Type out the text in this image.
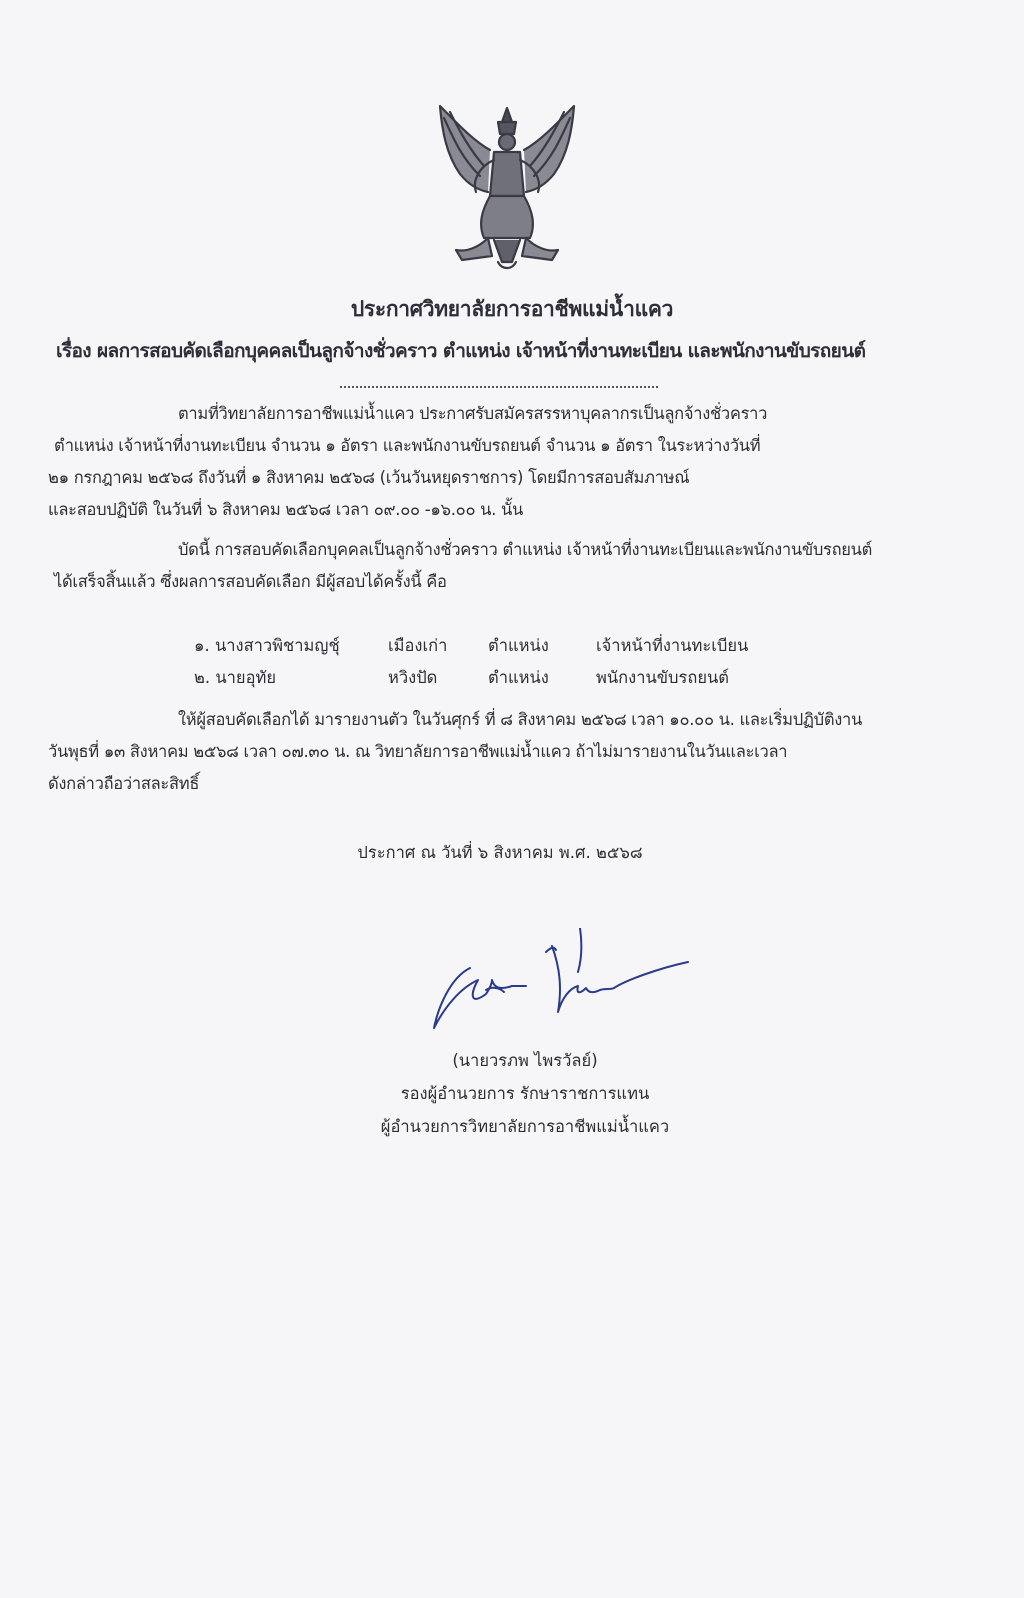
ประกาศวิทยาลัยการอาชีพแม่น้ำแคว
เรื่อง ผลการสอบคัดเลือกบุคคลเป็นลูกจ้างชั่วคราว ตำแหน่ง เจ้าหน้าที่งานทะเบียน และพนักงานขับรถยนต์
ตามที่วิทยาลัยการอาชีพแม่น้ำแคว ประกาศรับสมัครสรรหาบุคลากรเป็นลูกจ้างชั่วคราว
ตำแหน่ง เจ้าหน้าที่งานทะเบียน จำนวน ๑ อัตรา และพนักงานขับรถยนต์ จำนวน ๑ อัตรา ในระหว่างวันที่
๒๑ กรกฎาคม ๒๕๖๘ ถึงวันที่ ๑ สิงหาคม ๒๕๖๘ (เว้นวันหยุดราชการ) โดยมีการสอบสัมภาษณ์
และสอบปฏิบัติ ในวันที่ ๖ สิงหาคม ๒๕๖๘ เวลา ๐๙.๐๐ -๑๖.๐๐ น. นั้น
บัดนี้ การสอบคัดเลือกบุคคลเป็นลูกจ้างชั่วคราว ตำแหน่ง เจ้าหน้าที่งานทะเบียนและพนักงานขับรถยนต์
ได้เสร็จสิ้นแล้ว ซึ่งผลการสอบคัดเลือก มีผู้สอบได้ครั้งนี้ คือ
๑. นางสาวพิชามญชุ์	เมืองเก่า	ตำแหน่ง	เจ้าหน้าที่งานทะเบียน
๒. นายอุทัย	หวิงปัด	ตำแหน่ง	พนักงานขับรถยนต์
ให้ผู้สอบคัดเลือกได้ มารายงานตัว ในวันศุกร์ ที่ ๘ สิงหาคม ๒๕๖๘ เวลา ๑๐.๐๐ น. และเริ่มปฏิบัติงาน
วันพุธที่ ๑๓ สิงหาคม ๒๕๖๘ เวลา ๐๗.๓๐ น. ณ วิทยาลัยการอาชีพแม่น้ำแคว ถ้าไม่มารายงานในวันและเวลา
ดังกล่าวถือว่าสละสิทธิ์
ประกาศ ณ วันที่ ๖ สิงหาคม พ.ศ. ๒๕๖๘
(นายวรภพ ไพรวัลย์)
รองผู้อำนวยการ รักษาราชการแทน
ผู้อำนวยการวิทยาลัยการอาชีพแม่น้ำแคว
